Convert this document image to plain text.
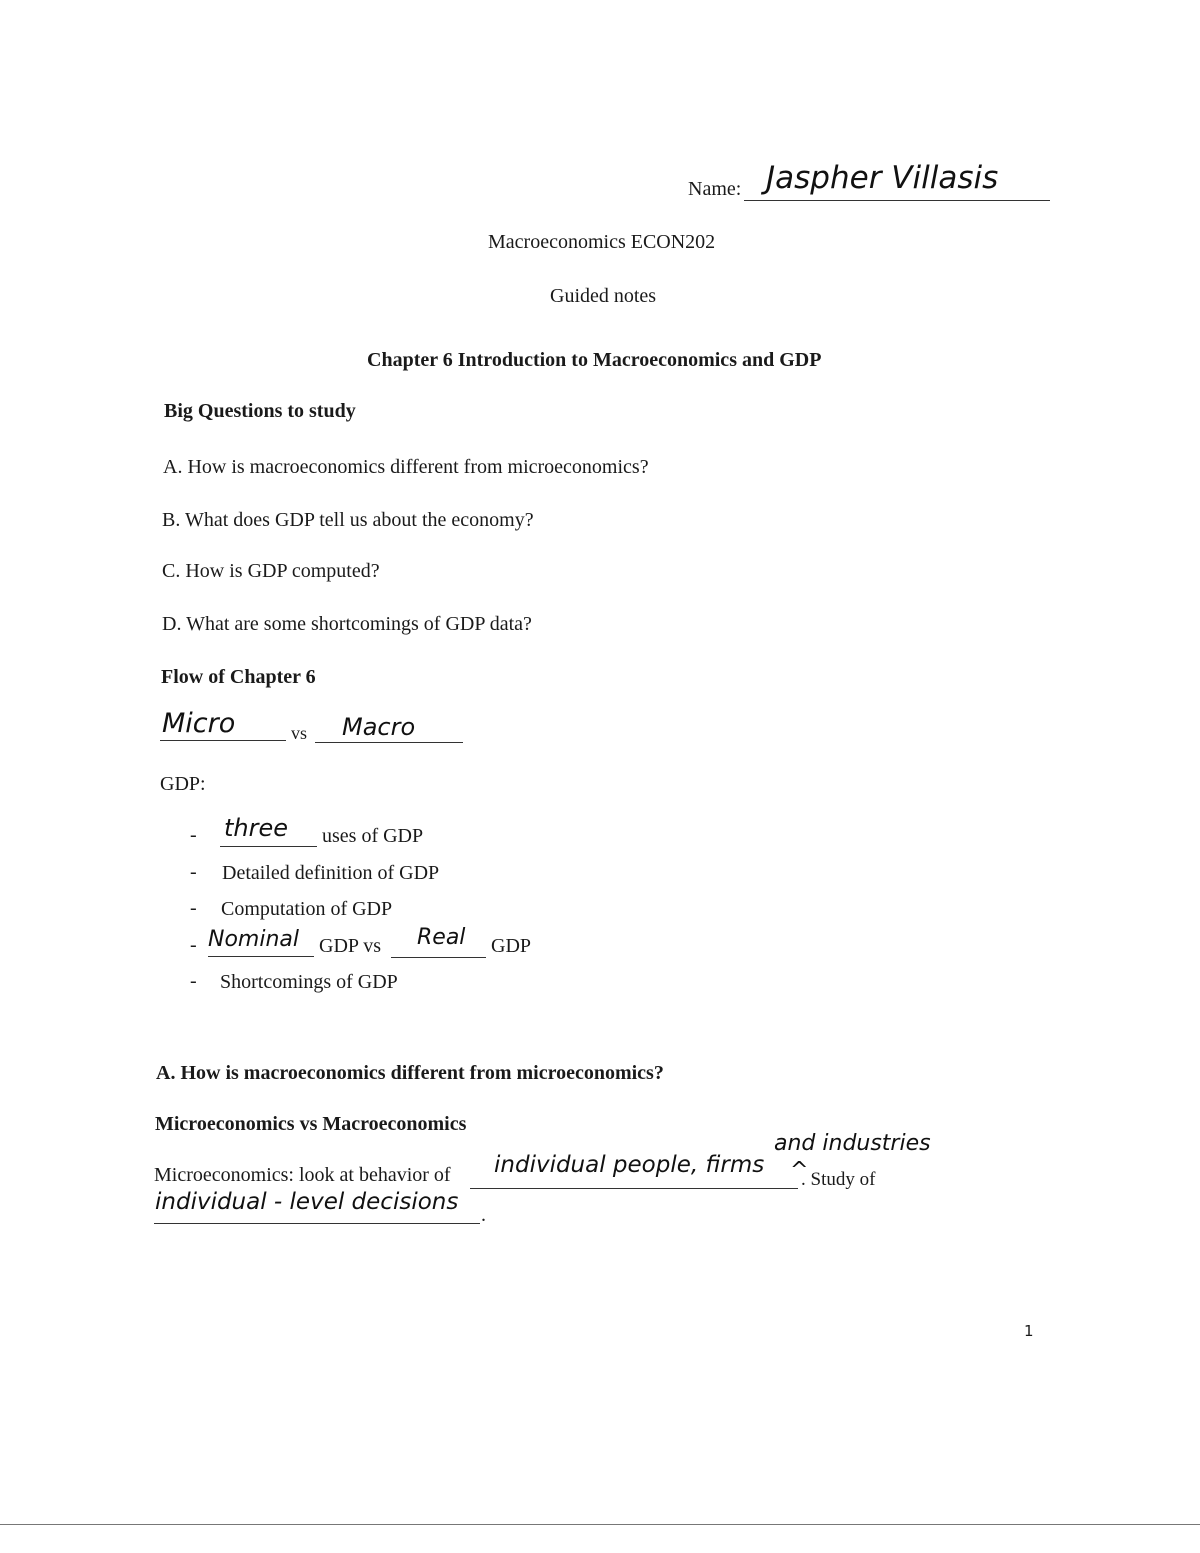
Name: Jaspher Villasis
Macroeconomics ECON202
Guided notes
Chapter 6 Introduction to Macroeconomics and GDP
Big Questions to study
A. How is macroeconomics different from microeconomics?
B. What does GDP tell us about the economy?
C. How is GDP computed?
D. What are some shortcomings of GDP data?
Flow of Chapter 6
Micro	vs Macro
GDP:
- three uses of GDP
- Detailed definition of GDP
- Computation of GDP
- Nominal GDP vs Real GDP
- Shortcomings of GDP
A. How is macroeconomics different from microeconomics?
Microeconomics vs Macroeconomics
and industries
Microeconomics: look at behavior of individual people, firms ^
. Study of
individual - level decisions .
1
